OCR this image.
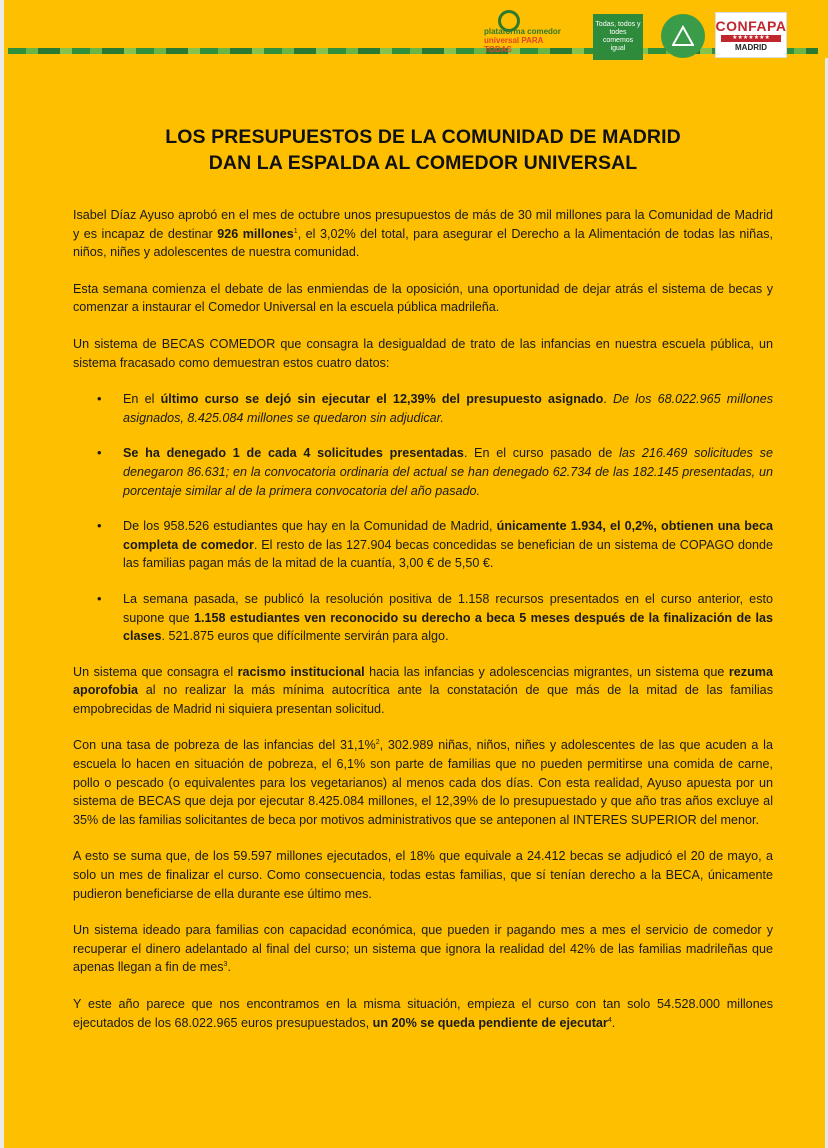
plataforma comedor
universal PARA TODAS
Todas, todos y todes comemos igual
CONFAPA
★★★★★★★
MADRID
LOS PRESUPUESTOS DE LA COMUNIDAD DE MADRID
DAN LA ESPALDA AL COMEDOR UNIVERSAL

Isabel Díaz Ayuso aprobó en el mes de octubre unos presupuestos de más de 30 mil millones para la Comunidad de Madrid y es incapaz de destinar 926 millones$^1$, el 3,02% del total, para asegurar el Derecho a la Alimentación de todas las niñas, niños, niñes y adolescentes de nuestra comunidad.

Esta semana comienza el debate de las enmiendas de la oposición, una oportunidad de dejar atrás el sistema de becas y comenzar a instaurar el Comedor Universal en la escuela pública madrileña.

Un sistema de BECAS COMEDOR que consagra la desigualdad de trato de las infancias en nuestra escuela pública, un sistema fracasado como demuestran estos cuatro datos:

• En el último curso se dejó sin ejecutar el 12,39% del presupuesto asignado. De los 68.022.965 millones asignados, 8.425.084 millones se quedaron sin adjudicar.
• Se ha denegado 1 de cada 4 solicitudes presentadas. En el curso pasado de las 216.469 solicitudes se denegaron 86.631; en la convocatoria ordinaria del actual se han denegado 62.734 de las 182.145 presentadas, un porcentaje similar al de la primera convocatoria del año pasado.
• De los 958.526 estudiantes que hay en la Comunidad de Madrid, únicamente 1.934, el 0,2%, obtienen una beca completa de comedor. El resto de las 127.904 becas concedidas se benefician de un sistema de COPAGO donde las familias pagan más de la mitad de la cuantía, 3,00 € de 5,50 €.
• La semana pasada, se publicó la resolución positiva de 1.158 recursos presentados en el curso anterior, esto supone que 1.158 estudiantes ven reconocido su derecho a beca 5 meses después de la finalización de las clases. 521.875 euros que difícilmente servirán para algo.

Un sistema que consagra el racismo institucional hacia las infancias y adolescencias migrantes, un sistema que rezuma aporofobia al no realizar la más mínima autocrítica ante la constatación de que más de la mitad de las familias empobrecidas de Madrid ni siquiera presentan solicitud.

Con una tasa de pobreza de las infancias del 31,1%$^2$, 302.989 niñas, niños, niñes y adolescentes de las que acuden a la escuela lo hacen en situación de pobreza, el 6,1% son parte de familias que no pueden permitirse una comida de carne, pollo o pescado (o equivalentes para los vegetarianos) al menos cada dos días. Con esta realidad, Ayuso apuesta por un sistema de BECAS que deja por ejecutar 8.425.084 millones, el 12,39% de lo presupuestado y que año tras años excluye al 35% de las familias solicitantes de beca por motivos administrativos que se anteponen al INTERES SUPERIOR del menor.

A esto se suma que, de los 59.597 millones ejecutados, el 18% que equivale a 24.412 becas se adjudicó el 20 de mayo, a solo un mes de finalizar el curso. Como consecuencia, todas estas familias, que sí tenían derecho a la BECA, únicamente pudieron beneficiarse de ella durante ese último mes.

Un sistema ideado para familias con capacidad económica, que pueden ir pagando mes a mes el servicio de comedor y recuperar el dinero adelantado al final del curso; un sistema que ignora la realidad del 42% de las familias madrileñas que apenas llegan a fin de mes$^3$.

Y este año parece que nos encontramos en la misma situación, empieza el curso con tan solo 54.528.000 millones ejecutados de los 68.022.965 euros presupuestados, un 20% se queda pendiente de ejecutar$^4$.
